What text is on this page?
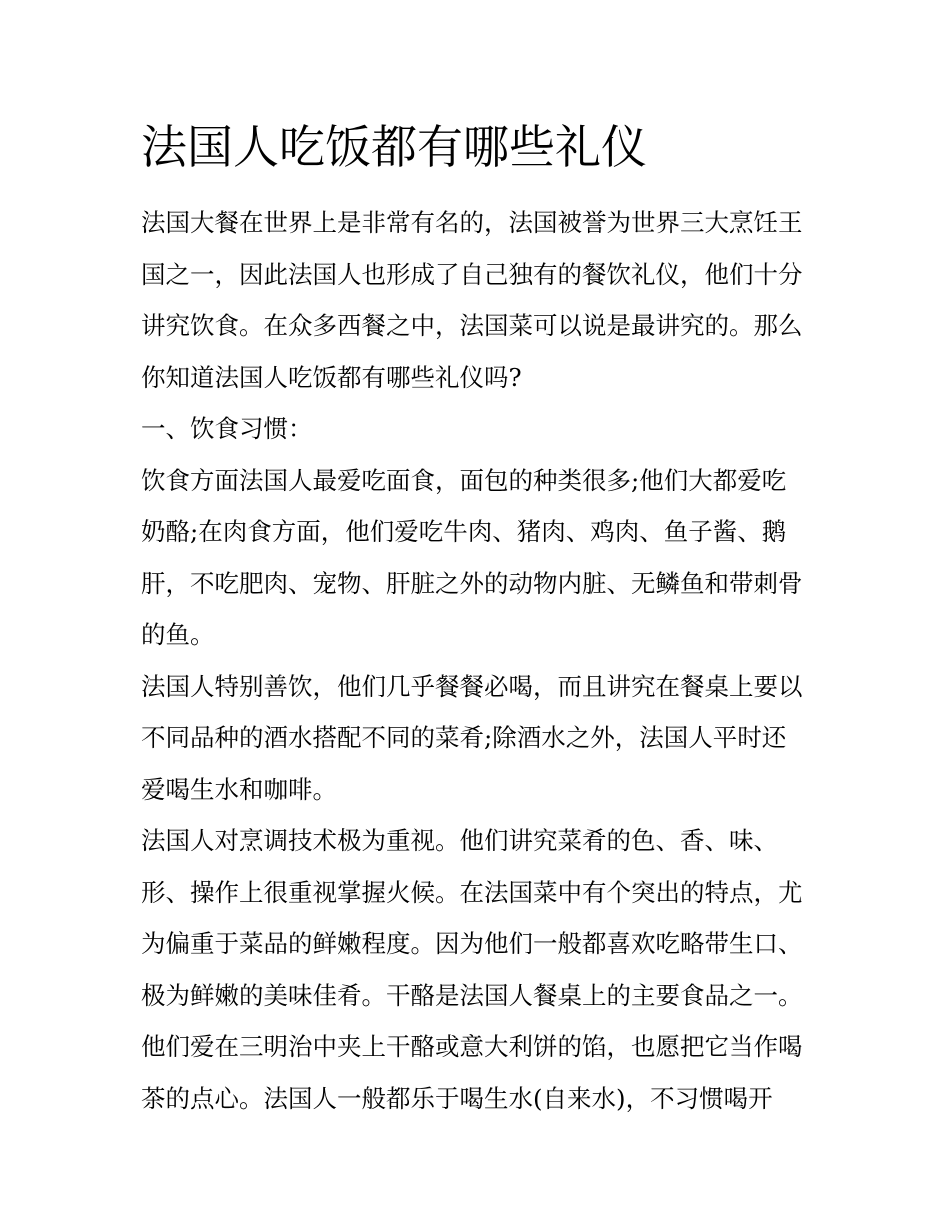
法国人吃饭都有哪些礼仪
法国大餐在世界上是非常有名的，法国被誉为世界三大烹饪王
国之一，因此法国人也形成了自己独有的餐饮礼仪，他们十分
讲究饮食。在众多西餐之中，法国菜可以说是最讲究的。那么
你知道法国人吃饭都有哪些礼仪吗?
一、饮食习惯：
饮食方面法国人最爱吃面食，面包的种类很多;他们大都爱吃
奶酪;在肉食方面，他们爱吃牛肉、猪肉、鸡肉、鱼子酱、鹅
肝，不吃肥肉、宠物、肝脏之外的动物内脏、无鳞鱼和带刺骨
的鱼。
法国人特别善饮，他们几乎餐餐必喝，而且讲究在餐桌上要以
不同品种的酒水搭配不同的菜肴;除酒水之外，法国人平时还
爱喝生水和咖啡。
法国人对烹调技术极为重视。他们讲究菜肴的色、香、味、
形、操作上很重视掌握火候。在法国菜中有个突出的特点，尤
为偏重于菜品的鲜嫩程度。因为他们一般都喜欢吃略带生口、
极为鲜嫩的美味佳肴。干酪是法国人餐桌上的主要食品之一。
他们爱在三明治中夹上干酪或意大利饼的馅，也愿把它当作喝
茶的点心。法国人一般都乐于喝生水(自来水)，不习惯喝开
